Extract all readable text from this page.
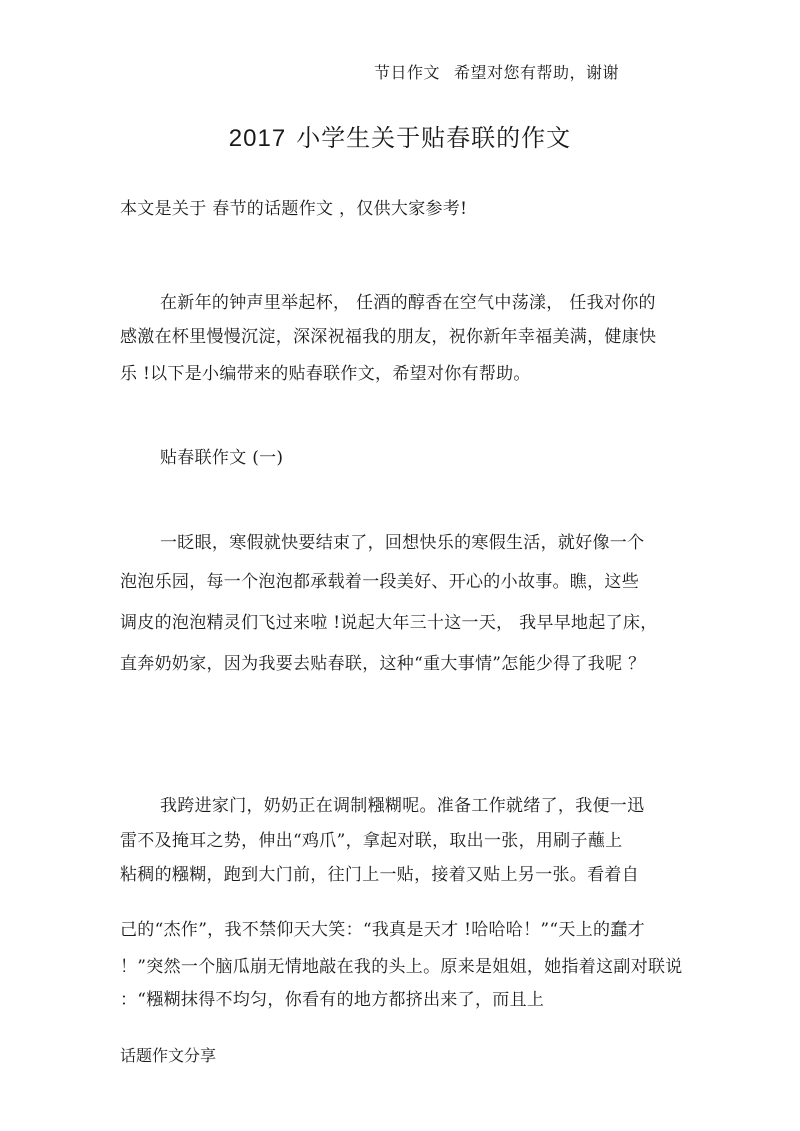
节日作文 希望对您有帮助，谢谢
2017 小学生关于贴春联的作文
本文是关于 春节的话题作文 ，仅供大家参考!
在新年的钟声里举起杯， 任酒的醇香在空气中荡漾， 任我对你的
感激在杯里慢慢沉淀，深深祝福我的朋友，祝你新年幸福美满，健康快
乐 !以下是小编带来的贴春联作文，希望对你有帮助。
贴春联作文 (一)
一眨眼，寒假就快要结束了，回想快乐的寒假生活，就好像一个
泡泡乐园，每一个泡泡都承载着一段美好、开心的小故事。瞧，这些
调皮的泡泡精灵们飞过来啦 !说起大年三十这一天， 我早早地起了床，
直奔奶奶家，因为我要去贴春联，这种“重大事情”怎能少得了我呢 ？
我跨进家门，奶奶正在调制糨糊呢。准备工作就绪了，我便一迅
雷不及掩耳之势，伸出“鸡爪”，拿起对联，取出一张，用刷子蘸上
粘稠的糨糊，跑到大门前，往门上一贴，接着又贴上另一张。看着自
己的“杰作”，我不禁仰天大笑：“我真是天才 !哈哈哈！”“天上的蠢才
！”突然一个脑瓜崩无情地敲在我的头上。原来是姐姐，她指着这副对联说
：“糨糊抹得不均匀，你看有的地方都挤出来了，而且上
话题作文分享
